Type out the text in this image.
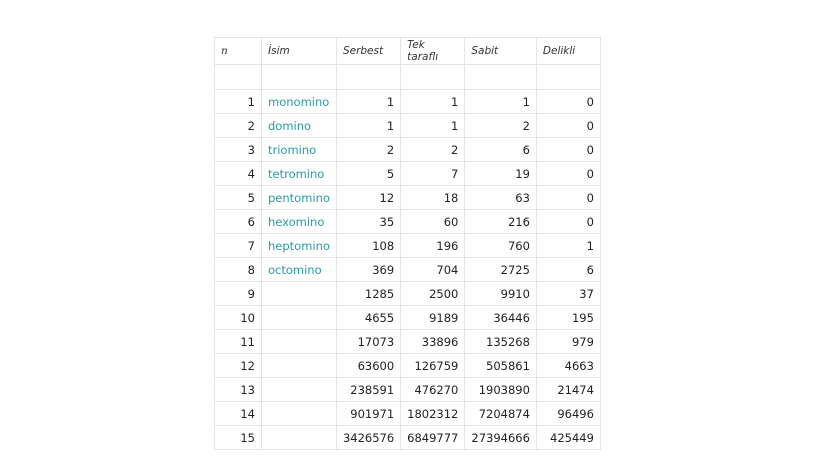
n	İsim	Serbest	Tek taraflı	Sabit	Delikli

1	monomino	1	1	1	0
2	domino	1	1	2	0
3	triomino	2	2	6	0
4	tetromino	5	7	19	0
5	pentomino	12	18	63	0
6	hexomino	35	60	216	0
7	heptomino	108	196	760	1
8	octomino	369	704	2725	6
9		1285	2500	9910	37
10		4655	9189	36446	195
11		17073	33896	135268	979
12		63600	126759	505861	4663
13		238591	476270	1903890	21474
14		901971	1802312	7204874	96496
15		3426576	6849777	27394666	425449
